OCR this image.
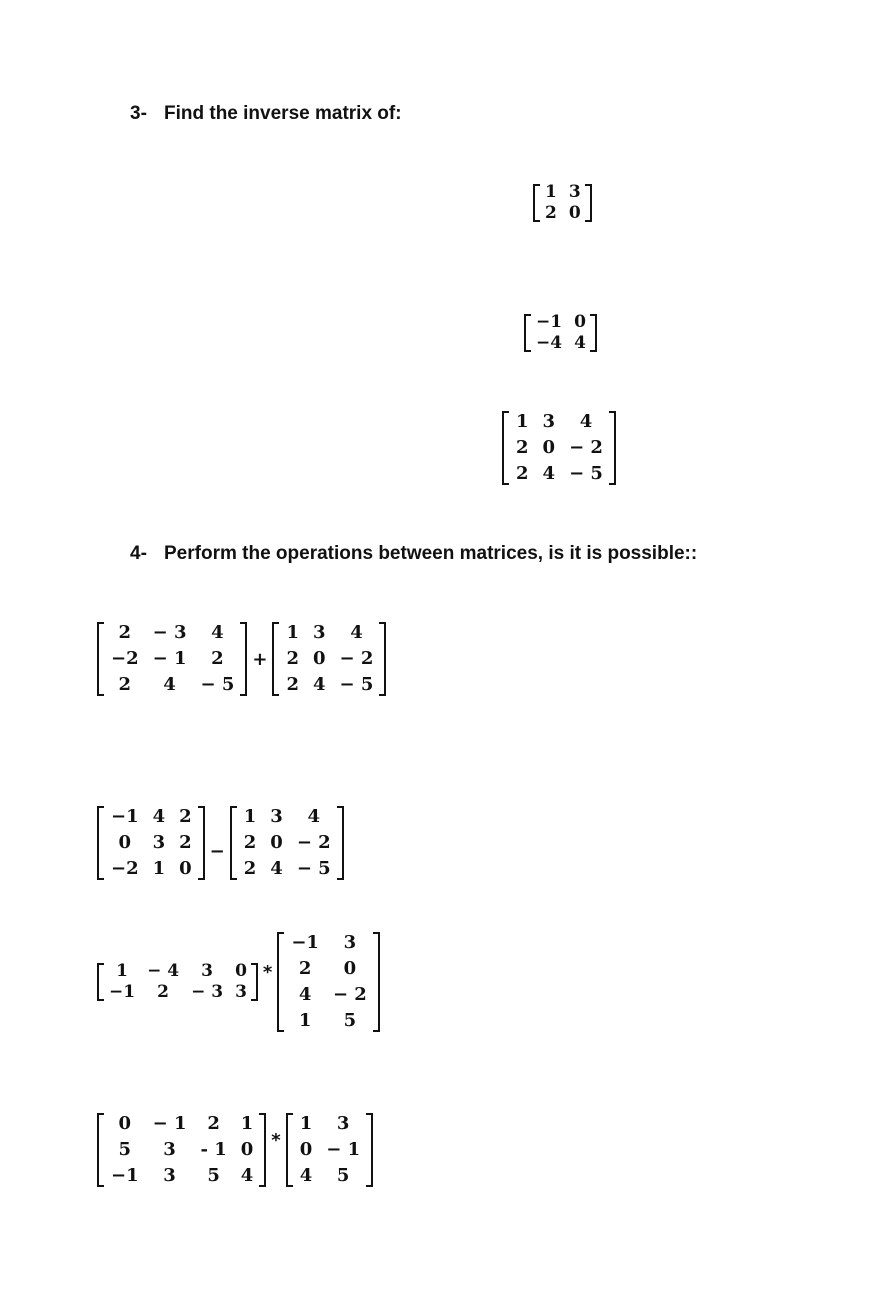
3- Find the inverse matrix of:
1	3
2	0
−1	0
−4	4
1	3	4
2	0	− 2
2	4	− 5
4- Perform the operations between matrices, is it is possible::
2	− 3	4
−2	− 1	2
2	4	− 5
+
1	3	4
2	0	− 2
2	4	− 5
−1	4	2
0	3	2
−2	1	0
−
1	3	4
2	0	− 2
2	4	− 5
1	− 4	3	0
−1	2	− 3	3
*
−1	3
2	0
4	− 2
1	5
0	− 1	2	1
5	3	- 1	0
−1	3	5	4
*
1	3
0	− 1
4	5
